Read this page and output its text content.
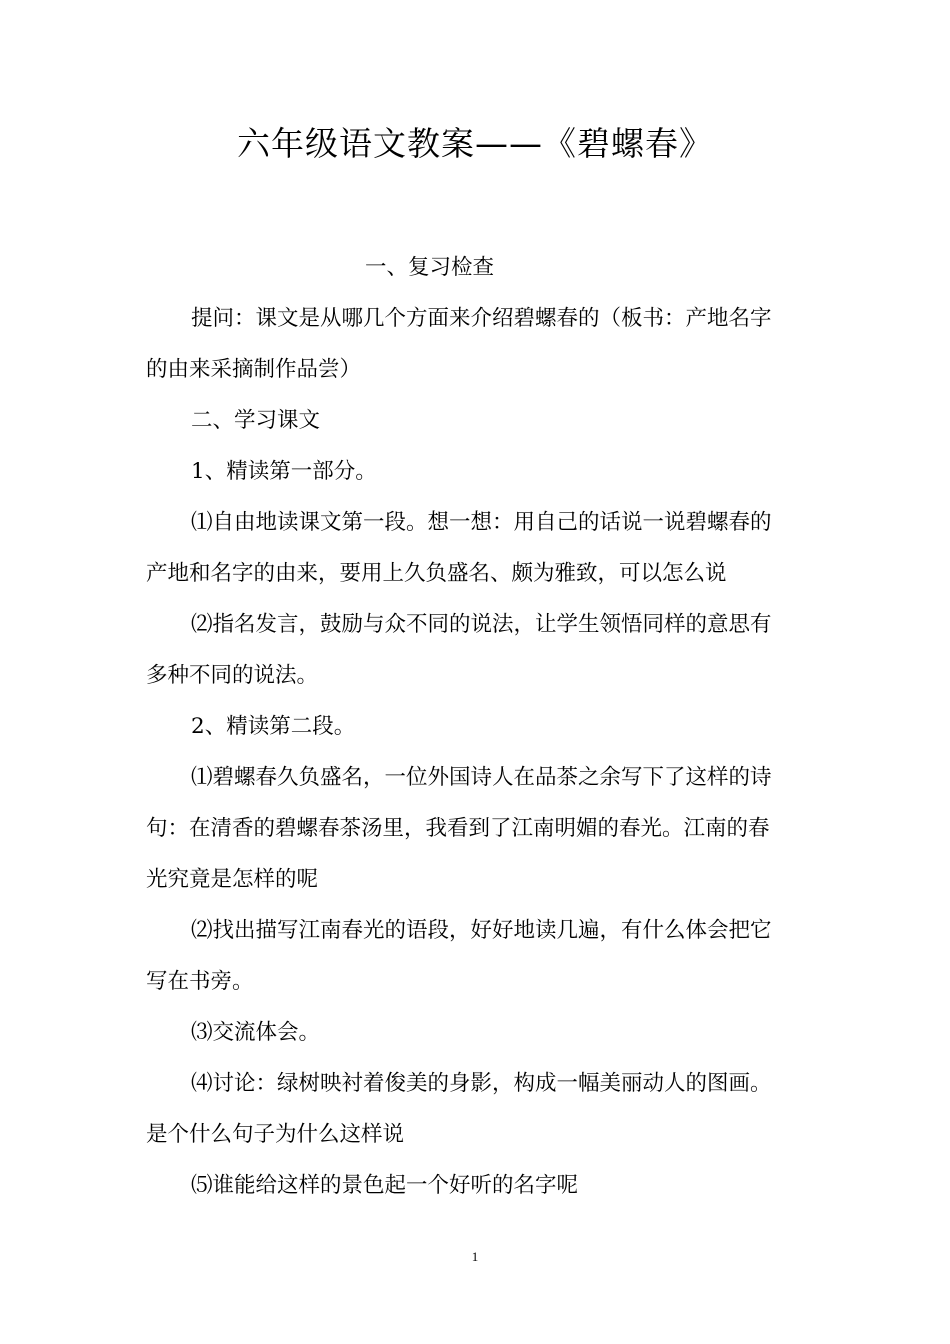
六年级语文教案——《碧螺春》
一、复习检查
提问：课文是从哪几个方面来介绍碧螺春的（板书：产地名字
的由来采摘制作品尝）
二、学习课文
1、精读第一部分。
⑴自由地读课文第一段。想一想：用自己的话说一说碧螺春的
产地和名字的由来，要用上久负盛名、颇为雅致，可以怎么说
⑵指名发言，鼓励与众不同的说法，让学生领悟同样的意思有
多种不同的说法。
2、精读第二段。
⑴碧螺春久负盛名，一位外国诗人在品茶之余写下了这样的诗
句：在清香的碧螺春茶汤里，我看到了江南明媚的春光。江南的春
光究竟是怎样的呢
⑵找出描写江南春光的语段，好好地读几遍，有什么体会把它
写在书旁。
⑶交流体会。
⑷讨论：绿树映衬着俊美的身影，构成一幅美丽动人的图画。
是个什么句子为什么这样说
⑸谁能给这样的景色起一个好听的名字呢
1
